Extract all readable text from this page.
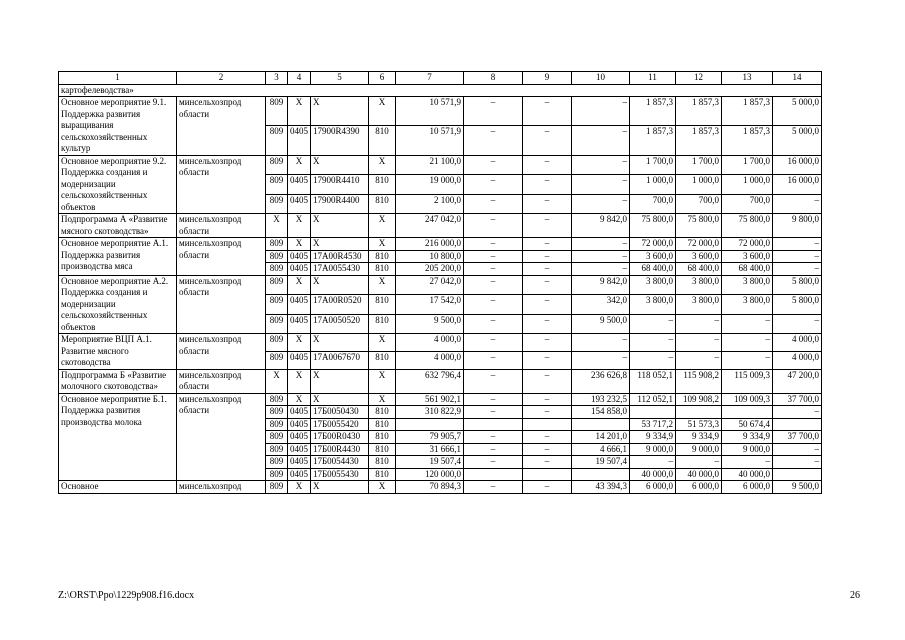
1	2	3	4	5	6	7	8	9	10	11	12	13	14
картофелеводства»													
Основное мероприятие 9.1. Поддержка развития выращивания сельскохозяйственных культур	минсельхозпрод области	809	Х	Х	Х	10 571,9	–	–	–	1 857,3	1 857,3	1 857,3	5 000,0
		809	0405	17900R4390	810	10 571,9	–	–	–	1 857,3	1 857,3	1 857,3	5 000,0
Основное мероприятие 9.2. Поддержка создания и модернизации сельскохозяйственных объектов	минсельхозпрод области	809	Х	Х	Х	21 100,0	–	–	–	1 700,0	1 700,0	1 700,0	16 000,0
		809	0405	17900R4410	810	19 000,0	–	–	–	1 000,0	1 000,0	1 000,0	16 000,0
		809	0405	17900R4400	810	2 100,0	–	–	–	700,0	700,0	700,0	–
Подпрограмма А «Развитие мясного скотоводства»	минсельхозпрод области	Х	Х	Х	Х	247 042,0	–	–	9 842,0	75 800,0	75 800,0	75 800,0	9 800,0
Основное мероприятие А.1. Поддержка развития производства мяса	минсельхозпрод области	809	Х	Х	Х	216 000,0	–	–	–	72 000,0	72 000,0	72 000,0	–
		809	0405	17А00R4530	810	10 800,0	–	–	–	3 600,0	3 600,0	3 600,0	–
		809	0405	17А0055430	810	205 200,0	–	–	–	68 400,0	68 400,0	68 400,0	–
Основное мероприятие А.2. Поддержка создания и модернизации сельскохозяйственных объектов	минсельхозпрод области	809	Х	Х	Х	27 042,0	–	–	9 842,0	3 800,0	3 800,0	3 800,0	5 800,0
		809	0405	17А00R0520	810	17 542,0	–	–	342,0	3 800,0	3 800,0	3 800,0	5 800,0
		809	0405	17А0050520	810	9 500,0	–	–	9 500,0	–	–	–	–
Мероприятие ВЦП А.1. Развитие мясного скотоводства	минсельхозпрод области	809	Х	Х	Х	4 000,0	–	–	–	–	–	–	4 000,0
		809	0405	17А0067670	810	4 000,0	–	–	–	–	–	–	4 000,0
Подпрограмма Б «Развитие молочного скотоводства»	минсельхозпрод области	Х	Х	Х	Х	632 796,4	–	–	236 626,8	118 052,1	115 908,2	115 009,3	47 200,0
Основное мероприятие Б.1. Поддержка развития производства молока	минсельхозпрод области	809	Х	Х	Х	561 902,1	–	–	193 232,5	112 052,1	109 908,2	109 009,3	37 700,0
		809	0405	17Б0050430	810	310 822,9	–	–	154 858,0				–
		809	0405	17Б0055420	810					53 717,2	51 573,3	50 674,4	
		809	0405	17Б00R0430	810	79 905,7	–	–	14 201,0	9 334,9	9 334,9	9 334,9	37 700,0
		809	0405	17Б00R4430	810	31 666,1	–	–	4 666,1	9 000,0	9 000,0	9 000,0	–
		809	0405	17Б0054430	810	19 507,4	–	–	19 507,4	–	–	–	–
		809	0405	17Б0055430	810	120 000,0				40 000,0	40 000,0	40 000,0	
Основное	минсельхозпрод	809	Х	Х	Х	70 894,3	–	–	43 394,3	6 000,0	6 000,0	6 000,0	9 500,0
Z:\ORST\Ppo\1229p908.f16.docx	26
